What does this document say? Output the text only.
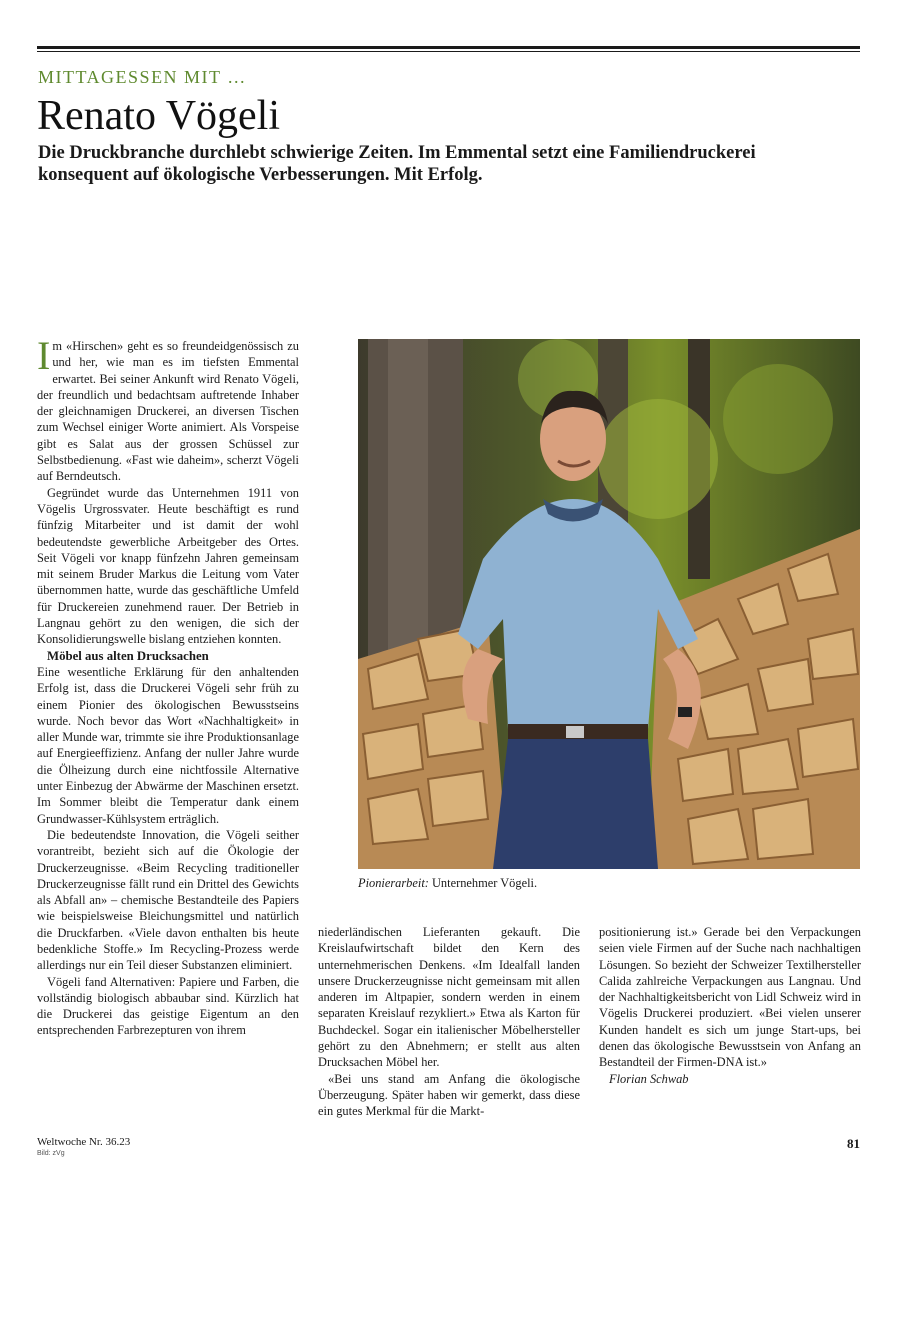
MITTAGESSEN MIT …
Renato Vögeli

Die Druckbranche durchlebt schwierige Zeiten. Im Emmental setzt eine Familiendruckerei konsequent auf ökologische Verbesserungen. Mit Erfolg.

Im «Hirschen» geht es so freundeidgenössisch zu und her, wie man es im tiefsten Emmental erwartet. Bei seiner Ankunft wird Renato Vögeli, der freundlich und bedachtsam auftretende Inhaber der gleichnamigen Druckerei, an diversen Tischen zum Wechsel einiger Worte animiert. Als Vorspeise gibt es Salat aus der grossen Schüssel zur Selbstbedienung. «Fast wie daheim», scherzt Vögeli auf Berndeutsch.

Gegründet wurde das Unternehmen 1911 von Vögelis Urgrossvater. Heute beschäftigt es rund fünfzig Mitarbeiter und ist damit der wohl bedeutendste gewerbliche Arbeitgeber des Ortes. Seit Vögeli vor knapp fünfzehn Jahren gemeinsam mit seinem Bruder Markus die Leitung vom Vater übernommen hatte, wurde das geschäftliche Umfeld für Druckereien zunehmend rauer. Der Betrieb in Langnau gehört zu den wenigen, die sich der Konsolidierungswelle bislang entziehen konnten.

Möbel aus alten Drucksachen

Eine wesentliche Erklärung für den anhaltenden Erfolg ist, dass die Druckerei Vögeli sehr früh zu einem Pionier des ökologischen Bewusstseins wurde. Noch bevor das Wort «Nachhaltigkeit» in aller Munde war, trimmte sie ihre Produktionsanlage auf Energieeffizienz. Anfang der nuller Jahre wurde die Ölheizung durch eine nichtfossile Alternative unter Einbezug der Abwärme der Maschinen ersetzt. Im Sommer bleibt die Temperatur dank einem Grundwasser-Kühlsystem erträglich.

Die bedeutendste Innovation, die Vögeli seither vorantreibt, bezieht sich auf die Ökologie der Druckerzeugnisse. «Beim Recycling traditioneller Druckerzeugnisse fällt rund ein Drittel des Gewichts als Abfall an» – chemische Bestandteile des Papiers wie beispielsweise Bleichungsmittel und natürlich die Druckfarben. «Viele davon enthalten bis heute bedenkliche Stoffe.» Im Recycling-Prozess werde allerdings nur ein Teil dieser Substanzen eliminiert.

Vögeli fand Alternativen: Papiere und Farben, die vollständig biologisch abbaubar sind. Kürzlich hat die Druckerei das geistige Eigentum an den entsprechenden Farbrezepturen von ihrem

Pionierarbeit: Unternehmer Vögeli.

niederländischen Lieferanten gekauft. Die Kreislaufwirtschaft bildet den Kern des unternehmerischen Denkens. «Im Idealfall landen unsere Druckerzeugnisse nicht gemeinsam mit allen anderen im Altpapier, sondern werden in einem separaten Kreislauf rezykliert.» Etwa als Karton für Buchdeckel. Sogar ein italienischer Möbelhersteller gehört zu den Abnehmern; er stellt aus alten Drucksachen Möbel her.

«Bei uns stand am Anfang die ökologische Überzeugung. Später haben wir gemerkt, dass diese ein gutes Merkmal für die Markt-

positionierung ist.» Gerade bei den Verpackungen seien viele Firmen auf der Suche nach nachhaltigen Lösungen. So bezieht der Schweizer Textilhersteller Calida zahlreiche Verpackungen aus Langnau. Und der Nachhaltigkeitsbericht von Lidl Schweiz wird in Vögelis Druckerei produziert. «Bei vielen unserer Kunden handelt es sich um junge Start-ups, bei denen das ökologische Bewusstsein von Anfang an Bestandteil der Firmen-DNA ist.»

Florian Schwab

Weltwoche Nr. 36.23
Bild: zVg
81
